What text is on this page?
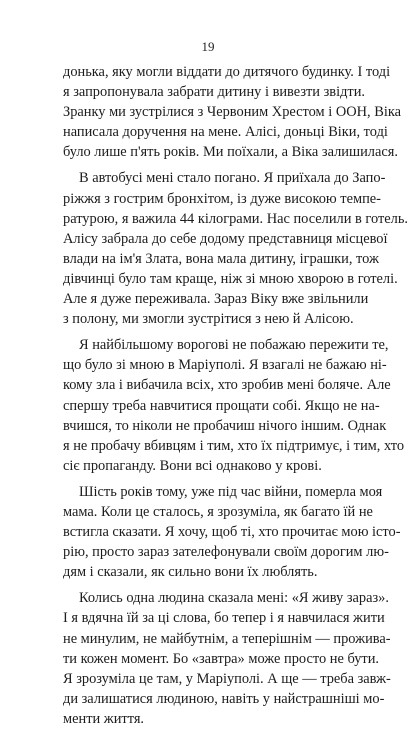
19
донька, яку могли віддати до дитячого будинку. І тоді
я запропонувала забрати дитину і вивезти звідти.
Зранку ми зустрілися з Червоним Хрестом і ООН, Віка
написала доручення на мене. Алісі, доньці Віки, тоді
було лише п'ять років. Ми поїхали, а Віка залишилася.
В автобусі мені стало погано. Я приїхала до Запо-
ріжжя з гострим бронхітом, із дуже високою темпе-
ратурою, я важила 44 кілограми. Нас поселили в готель.
Алісу забрала до себе додому представниця місцевої
влади на ім'я Злата, вона мала дитину, іграшки, тож
дівчинці було там краще, ніж зі мною хворою в готелі.
Але я дуже переживала. Зараз Віку вже звільнили
з полону, ми змогли зустрітися з нею й Алісою.
Я найбільшому ворогові не побажаю пережити те,
що було зі мною в Маріуполі. Я взагалі не бажаю ні-
кому зла і вибачила всіх, хто зробив мені боляче. Але
спершу треба навчитися прощати собі. Якщо не на-
вчишся, то ніколи не пробачиш нічого іншим. Однак
я не пробачу вбивцям і тим, хто їх підтримує, і тим, хто
сіє пропаганду. Вони всі однаково у крові.
Шість років тому, уже під час війни, померла моя
мама. Коли це сталось, я зрозуміла, як багато їй не
встигла сказати. Я хочу, щоб ті, хто прочитає мою істо-
рію, просто зараз зателефонували своїм дорогим лю-
дям і сказали, як сильно вони їх люблять.
Колись одна людина сказала мені: «Я живу зараз».
І я вдячна їй за ці слова, бо тепер і я навчилася жити
не минулим, не майбутнім, а теперішнім — прожива-
ти кожен момент. Бо «завтра» може просто не бути.
Я зрозуміла це там, у Маріуполі. А ще — треба завж-
ди залишатися людиною, навіть у найстрашніші мо-
менти життя.
